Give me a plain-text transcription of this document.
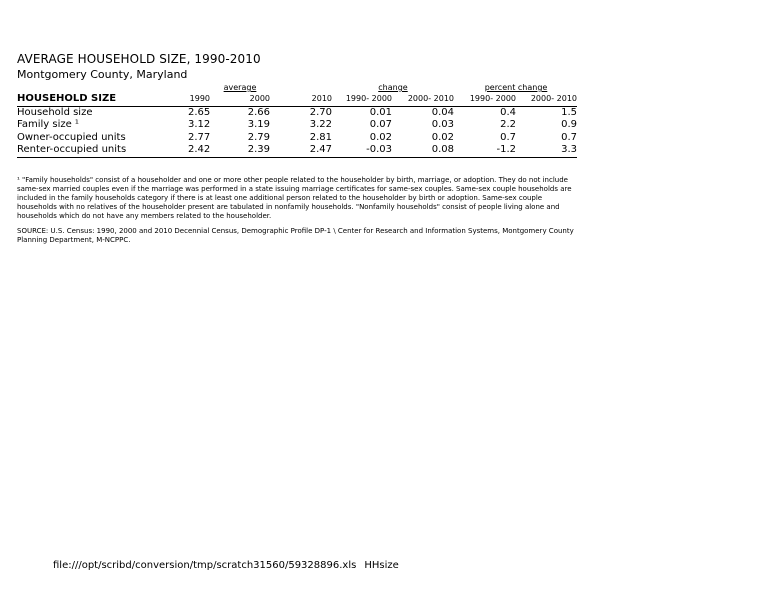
AVERAGE HOUSEHOLD SIZE, 1990-2010
Montgomery County, Maryland
average	change	percent change
HOUSEHOLD SIZE	1990	2000	2010	1990- 2000	2000- 2010	1990- 2000	2000- 2010
Household size	2.65	2.66	2.70	0.01	0.04	0.4	1.5
Family size ¹	3.12	3.19	3.22	0.07	0.03	2.2	0.9
Owner-occupied units	2.77	2.79	2.81	0.02	0.02	0.7	0.7
Renter-occupied units	2.42	2.39	2.47	-0.03	0.08	-1.2	3.3
¹ "Family households" consist of a householder and one or more other people related to the householder by birth, marriage, or adoption. They do not include same-sex married couples even if the marriage was performed in a state issuing marriage certificates for same-sex couples. Same-sex couple households are included in the family households category if there is at least one additional person related to the householder by birth or adoption. Same-sex couple households with no relatives of the householder present are tabulated in nonfamily households. "Nonfamily households" consist of people living alone and households which do not have any members related to the householder.
SOURCE: U.S. Census: 1990, 2000 and 2010 Decennial Census, Demographic Profile DP-1 \ Center for Research and Information Systems, Montgomery County Planning Department, M-NCPPC.
file:///opt/scribd/conversion/tmp/scratch31560/59328896.xls HHsize
